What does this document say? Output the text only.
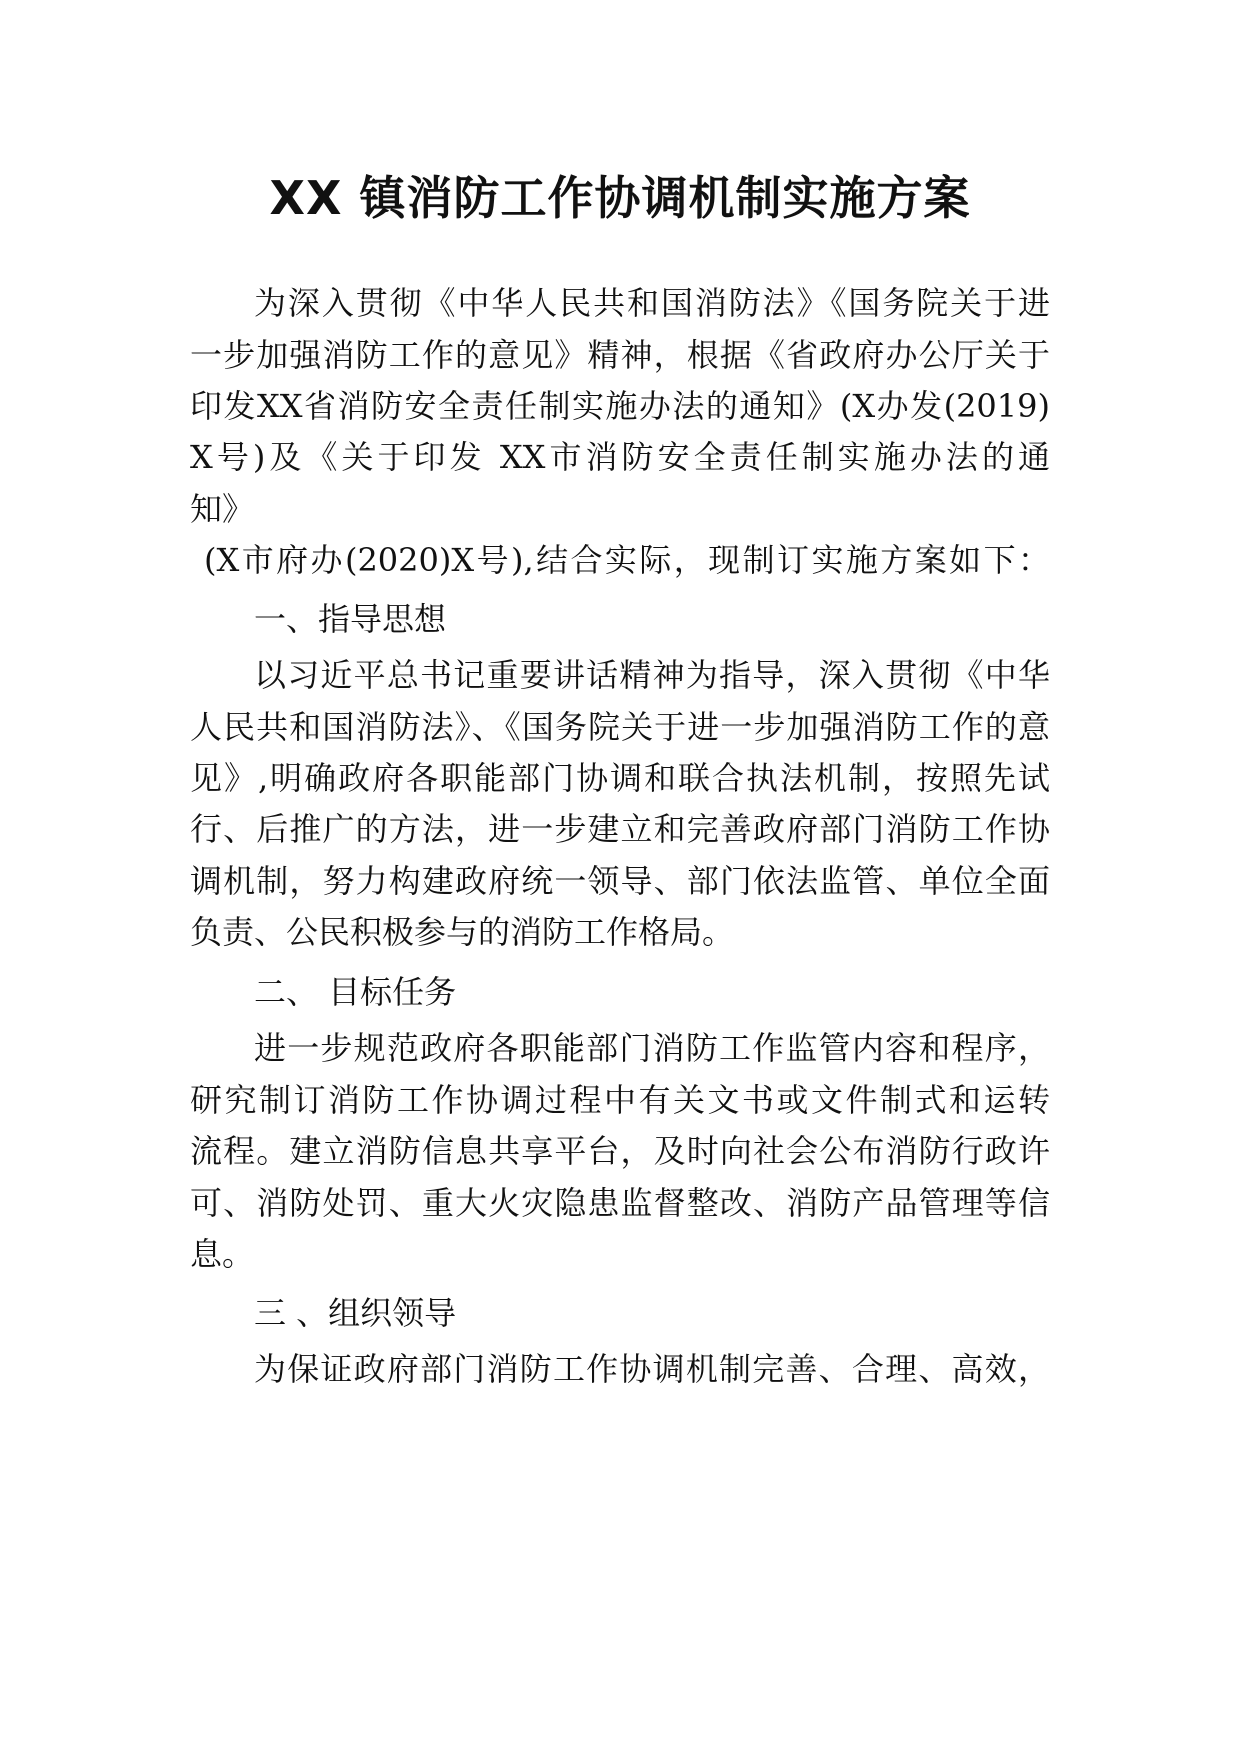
XX 镇消防工作协调机制实施方案
为深入贯彻《中华人民共和国消防法》《国务院关于进
一步加强消防工作的意见》精神，根据《省政府办公厅关于
印发XX省消防安全责任制实施办法的通知》(X办发(2019)
X号)及《关于印发 XX市消防安全责任制实施办法的通
知》
(X市府办(2020)X号),结合实际，现制订实施方案如下：
一、指导思想
以习近平总书记重要讲话精神为指导，深入贯彻《中华
人民共和国消防法》、《国务院关于进一步加强消防工作的意
见》,明确政府各职能部门协调和联合执法机制，按照先试
行、后推广的方法，进一步建立和完善政府部门消防工作协
调机制，努力构建政府统一领导、部门依法监管、单位全面
负责、公民积极参与的消防工作格局。
二、 目标任务
进一步规范政府各职能部门消防工作监管内容和程序，
研究制订消防工作协调过程中有关文书或文件制式和运转
流程。建立消防信息共享平台，及时向社会公布消防行政许
可、消防处罚、重大火灾隐患监督整改、消防产品管理等信
息。
三 、组织领导
为保证政府部门消防工作协调机制完善、合理、高效，
